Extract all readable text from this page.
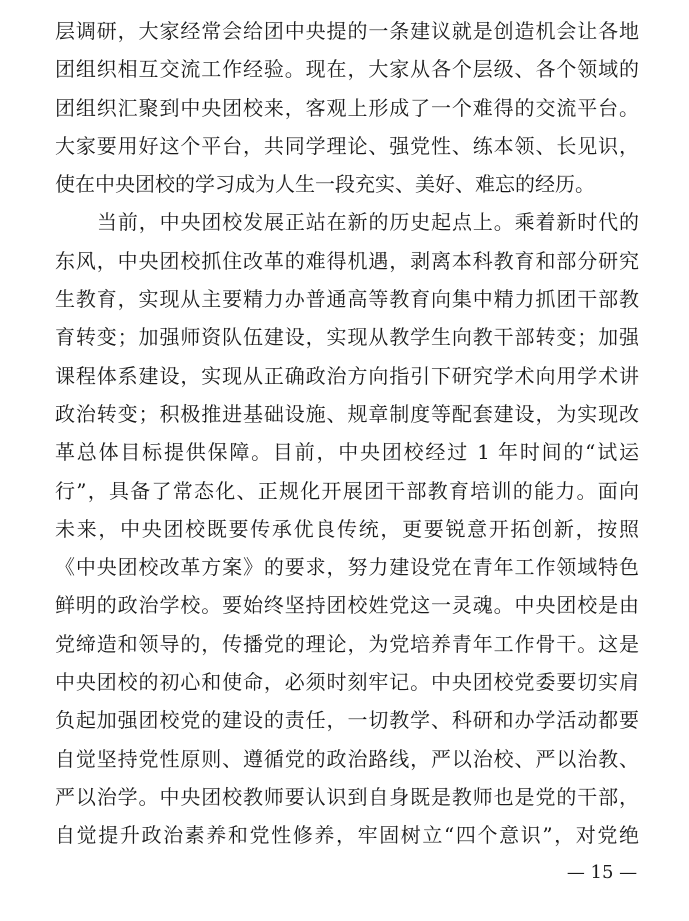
层调研，大家经常会给团中央提的一条建议就是创造机会让各地
团组织相互交流工作经验。现在，大家从各个层级、各个领域的
团组织汇聚到中央团校来，客观上形成了一个难得的交流平台。
大家要用好这个平台，共同学理论、强党性、练本领、长见识，
使在中央团校的学习成为人生一段充实、美好、难忘的经历。
当前，中央团校发展正站在新的历史起点上。乘着新时代的
东风，中央团校抓住改革的难得机遇，剥离本科教育和部分研究
生教育，实现从主要精力办普通高等教育向集中精力抓团干部教
育转变；加强师资队伍建设，实现从教学生向教干部转变；加强
课程体系建设，实现从正确政治方向指引下研究学术向用学术讲
政治转变；积极推进基础设施、规章制度等配套建设，为实现改
革总体目标提供保障。目前，中央团校经过 1 年时间的“试运
行”，具备了常态化、正规化开展团干部教育培训的能力。面向
未来，中央团校既要传承优良传统，更要锐意开拓创新，按照
《中央团校改革方案》的要求，努力建设党在青年工作领域特色
鲜明的政治学校。要始终坚持团校姓党这一灵魂。中央团校是由
党缔造和领导的，传播党的理论，为党培养青年工作骨干。这是
中央团校的初心和使命，必须时刻牢记。中央团校党委要切实肩
负起加强团校党的建设的责任，一切教学、科研和办学活动都要
自觉坚持党性原则、遵循党的政治路线，严以治校、严以治教、
严以治学。中央团校教师要认识到自身既是教师也是党的干部，
自觉提升政治素养和党性修养，牢固树立“四个意识”，对党绝
— 15 —
